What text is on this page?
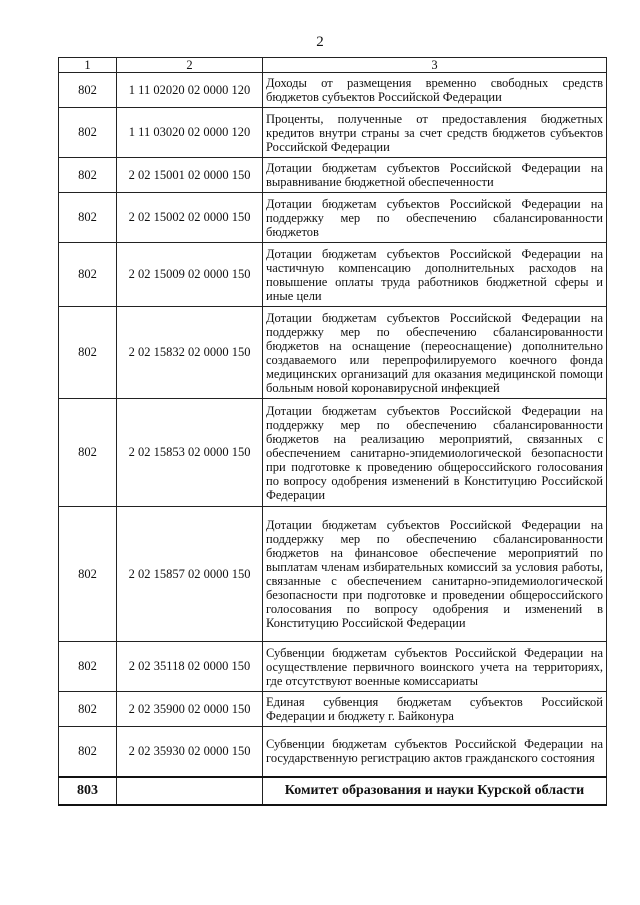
2
1	2	3
802	1 11 02020 02 0000 120	Доходы от размещения временно свободных средств бюджетов субъектов Российской Федерации
802	1 11 03020 02 0000 120	Проценты, полученные от предоставления бюджетных кредитов внутри страны за счет средств бюджетов субъектов Российской Федерации
802	2 02 15001 02 0000 150	Дотации бюджетам субъектов Российской Федерации на выравнивание бюджетной обеспеченности
802	2 02 15002 02 0000 150	Дотации бюджетам субъектов Российской Федерации на поддержку мер по обеспечению сбалансированности бюджетов
802	2 02 15009 02 0000 150	Дотации бюджетам субъектов Российской Федерации на частичную компенсацию дополнительных расходов на повышение оплаты труда работников бюджетной сферы и иные цели
802	2 02 15832 02 0000 150	Дотации бюджетам субъектов Российской Федерации на поддержку мер по обеспечению сбалансированности бюджетов на оснащение (переоснащение) дополнительно создаваемого или перепрофилируемого коечного фонда медицинских организаций для оказания медицинской помощи больным новой коронавирусной инфекцией
802	2 02 15853 02 0000 150	Дотации бюджетам субъектов Российской Федерации на поддержку мер по обеспечению сбалансированности бюджетов на реализацию мероприятий, связанных с обеспечением санитарно-эпидемиологической безопасности при подготовке к проведению общероссийского голосования по вопросу одобрения изменений в Конституцию Российской Федерации
802	2 02 15857 02 0000 150	Дотации бюджетам субъектов Российской Федерации на поддержку мер по обеспечению сбалансированности бюджетов на финансовое обеспечение мероприятий по выплатам членам избирательных комиссий за условия работы, связанные с обеспечением санитарно-эпидемиологической безопасности при подготовке и проведении общероссийского голосования по вопросу одобрения и изменений в Конституцию Российской Федерации
802	2 02 35118 02 0000 150	Субвенции бюджетам субъектов Российской Федерации на осуществление первичного воинского учета на территориях, где отсутствуют военные комиссариаты
802	2 02 35900 02 0000 150	Единая субвенция бюджетам субъектов Российской Федерации и бюджету г. Байконура
802	2 02 35930 02 0000 150	Субвенции бюджетам субъектов Российской Федерации на государственную регистрацию актов гражданского состояния
803		Комитет образования и науки Курской области
